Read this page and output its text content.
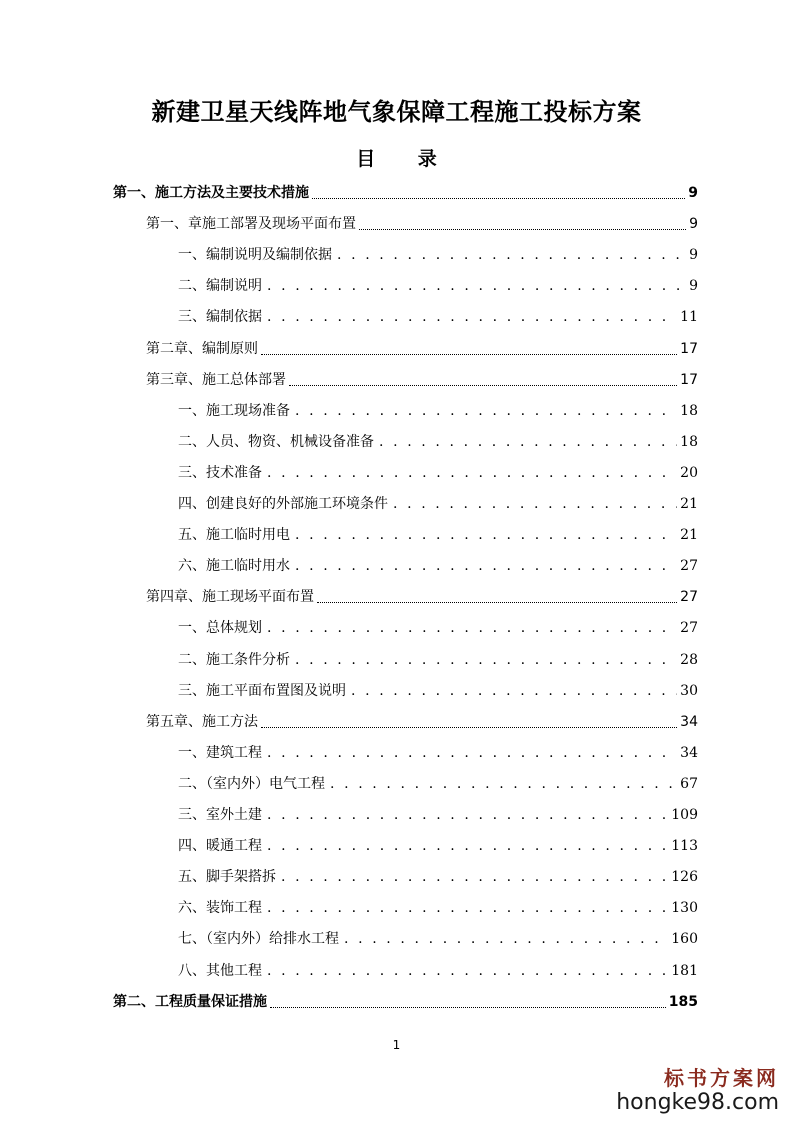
新建卫星天线阵地气象保障工程施工投标方案
目 录
第一、施工方法及主要技术措施	9
第一、章施工部署及现场平面布置	9
一、编制说明及编制依据 . . .	9
二、编制说明 . . .	9
三、编制依据 . . .	11
第二章、编制原则	17
第三章、施工总体部署	17
一、施工现场准备 . . .	18
二、人员、物资、机械设备准备 . . .	18
三、技术准备 . . .	20
四、创建良好的外部施工环境条件 . . .	21
五、施工临时用电 . . .	21
六、施工临时用水 . . .	27
第四章、施工现场平面布置	27
一、总体规划 . . .	27
二、施工条件分析 . . .	28
三、施工平面布置图及说明 . . .	30
第五章、施工方法	34
一、建筑工程 . . .	34
二、（室内外）电气工程 . . .	67
三、室外土建 . . .	109
四、暖通工程 . . .	113
五、脚手架搭拆 . . .	126
六、装饰工程 . . .	130
七、（室内外）给排水工程 . . .	160
八、其他工程 . . .	181
第二、工程质量保证措施	185
1
标书方案网
hongke98.com
